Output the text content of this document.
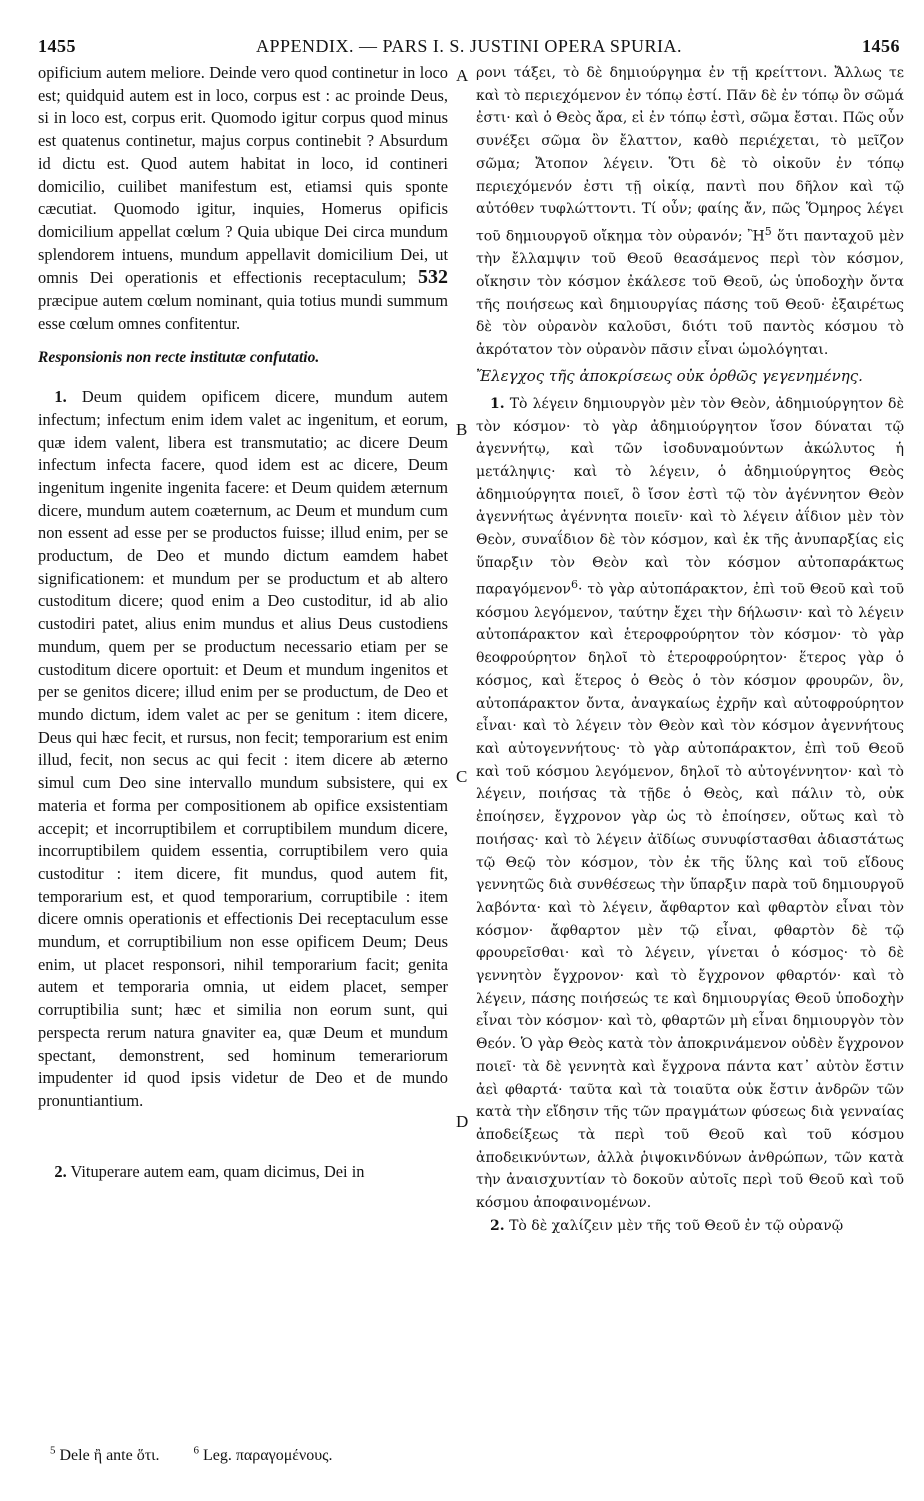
1455	APPENDIX. — PARS I. S. JUSTINI OPERA SPURIA.	1456

opificium autem meliore. Deinde vero quod continetur in loco est; quidquid autem est in loco, corpus est : ac proinde Deus, si in loco est, corpus erit. Quomodo igitur corpus quod minus est quatenus continetur, majus corpus continebit ? Absurdum id dictu est. Quod autem habitat in loco, id contineri domicilio, cuilibet manifestum est, etiamsi quis sponte cæcutiat. Quomodo igitur, inquies, Homerus opificis domicilium appellat cœlum ? Quia ubique Dei circa mundum splendorem intuens, mundum appellavit domicilium Dei, ut omnis Dei operationis et effectionis receptaculum; 532 præcipue autem cœlum nominant, quia totius mundi summum esse cœlum omnes confitentur.

Responsionis non recte institutæ confutatio.

 1. Deum quidem opificem dicere, mundum autem infectum; infectum enim idem valet ac ingenitum, et eorum, quæ idem valent, libera est transmutatio; ac dicere Deum infectum infecta facere, quod idem est ac dicere, Deum ingenitum ingenite ingenita facere: et Deum quidem æternum dicere, mundum autem coæternum, ac Deum et mundum cum non essent ad esse per se productos fuisse; illud enim, per se productum, de Deo et mundo dictum eamdem habet significationem: et mundum per se productum et ab altero custoditum dicere; quod enim a Deo custoditur, id ab alio custodiri patet, alius enim mundus et alius Deus custodiens mundum, quem per se productum necessario etiam per se custoditum dicere oportuit: et Deum et mundum ingenitos et per se genitos dicere; illud enim per se productum, de Deo et mundo dictum, idem valet ac per se genitum : item dicere, Deus qui hæc fecit, et rursus, non fecit; temporarium est enim illud, fecit, non secus ac qui fecit : item dicere ab æterno simul cum Deo sine intervallo mundum subsistere, qui ex materia et forma per compositionem ab opifice exsistentiam accepit; et incorruptibilem et corruptibilem mundum dicere, incorruptibilem quidem essentia, corruptibilem vero quia custoditur : item dicere, fit mundus, quod autem fit, temporarium est, et quod temporarium, corruptibile : item dicere omnis operationis et effectionis Dei receptaculum esse mundum, et corruptibilium non esse opificem Deum; Deus enim, ut placet responsori, nihil temporarium facit; genita autem et temporaria omnia, ut eidem placet, semper corruptibilia sunt; hæc et similia non eorum sunt, qui perspecta rerum natura gnaviter ea, quæ Deum et mundum spectant, demonstrent, sed hominum temerariorum impudenter id quod ipsis videtur de Deo et de mundo pronuntiantium.

 2. Vituperare autem eam, quam dicimus, Dei in

A
B
C
D

ρονι τάξει, τὸ δὲ δημιούργημα ἐν τῇ κρείττονι. Ἄλλως τε καὶ τὸ περιεχόμενον ἐν τόπῳ ἐστί. Πᾶν δὲ ἐν τόπῳ ὂν σῶμά ἐστι· καὶ ὁ Θεὸς ἄρα, εἰ ἐν τόπῳ ἐστὶ, σῶμα ἔσται. Πῶς οὖν συνέξει σῶμα ὂν ἔλαττον, καθὸ περιέχεται, τὸ μεῖζον σῶμα; Ἄτοπον λέγειν. Ὅτι δὲ τὸ οἰκοῦν ἐν τόπῳ περιεχόμενόν ἐστι τῇ οἰκίᾳ, παντὶ που δῆλον καὶ τῷ αὐτόθεν τυφλώττοντι. Τί οὖν; φαίης ἄν, πῶς Ὅμηρος λέγει τοῦ δημιουργοῦ οἴκημα τὸν οὐρανόν; Ἢ$^5$ ὅτι πανταχοῦ μὲν τὴν ἔλλαμψιν τοῦ Θεοῦ θεασάμενος περὶ τὸν κόσμον, οἴκησιν τὸν κόσμον ἐκάλεσε τοῦ Θεοῦ, ὡς ὑποδοχὴν ὄντα τῆς ποιήσεως καὶ δημιουργίας πάσης τοῦ Θεοῦ· ἐξαιρέτως δὲ τὸν οὐρανὸν καλοῦσι, διότι τοῦ παντὸς κόσμου τὸ ἀκρότατον τὸν οὐρανὸν πᾶσιν εἶναι ὡμολόγηται.

Ἔλεγχος τῆς ἀποκρίσεως οὐκ ὀρθῶς γεγενημένης.

 1. Τὸ λέγειν δημιουργὸν μὲν τὸν Θεὸν, ἀδημιούργητον δὲ τὸν κόσμον· τὸ γὰρ ἀδημιούργητον ἴσον δύναται τῷ ἀγεννήτῳ, καὶ τῶν ἰσοδυναμούντων ἀκώλυτος ἡ μετάληψις· καὶ τὸ λέγειν, ὁ ἀδημιούργητος Θεὸς ἀδημιούργητα ποιεῖ, ὃ ἴσον ἐστὶ τῷ τὸν ἀγέννητον Θεὸν ἀγεννήτως ἀγέννητα ποιεῖν· καὶ τὸ λέγειν ἀΐδιον μὲν τὸν Θεὸν, συναΐδιον δὲ τὸν κόσμον, καὶ ἐκ τῆς ἀνυπαρξίας εἰς ὕπαρξιν τὸν Θεὸν καὶ τὸν κόσμον αὐτοπαράκτως παραγόμενον$^6$· τὸ γὰρ αὐτοπάρακτον, ἐπὶ τοῦ Θεοῦ καὶ τοῦ κόσμου λεγόμενον, ταύτην ἔχει τὴν δήλωσιν· καὶ τὸ λέγειν αὐτοπάρακτον καὶ ἑτεροφρούρητον τὸν κόσμον· τὸ γὰρ θεοφρούρητον δηλοῖ τὸ ἑτεροφρούρητον· ἕτερος γὰρ ὁ κόσμος, καὶ ἕτερος ὁ Θεὸς ὁ τὸν κόσμον φρουρῶν, ὃν, αὐτοπάρακτον ὄντα, ἀναγκαίως ἐχρῆν καὶ αὐτοφρούρητον εἶναι· καὶ τὸ λέγειν τὸν Θεὸν καὶ τὸν κόσμον ἀγεννήτους καὶ αὐτογεννήτους· τὸ γὰρ αὐτοπάρακτον, ἐπὶ τοῦ Θεοῦ καὶ τοῦ κόσμου λεγόμενον, δηλοῖ τὸ αὐτογέννητον· καὶ τὸ λέγειν, ποιήσας τὰ τῇδε ὁ Θεὸς, καὶ πάλιν τὸ, οὐκ ἐποίησεν, ἔγχρονον γὰρ ὡς τὸ ἐποίησεν, οὕτως καὶ τὸ ποιήσας· καὶ τὸ λέγειν ἀϊδίως συνυφίστασθαι ἀδιαστάτως τῷ Θεῷ τὸν κόσμον, τὸν ἐκ τῆς ὕλης καὶ τοῦ εἴδους γεννητῶς διὰ συνθέσεως τὴν ὕπαρξιν παρὰ τοῦ δημιουργοῦ λαβόντα· καὶ τὸ λέγειν, ἄφθαρτον καὶ φθαρτὸν εἶναι τὸν κόσμον· ἄφθαρτον μὲν τῷ εἶναι, φθαρτὸν δὲ τῷ φρουρεῖσθαι· καὶ τὸ λέγειν, γίνεται ὁ κόσμος· τὸ δὲ γεννητὸν ἔγχρονον· καὶ τὸ ἔγχρονον φθαρτόν· καὶ τὸ λέγειν, πάσης ποιήσεώς τε καὶ δημιουργίας Θεοῦ ὑποδοχὴν εἶναι τὸν κόσμον· καὶ τὸ, φθαρτῶν μὴ εἶναι δημιουργὸν τὸν Θεόν. Ὁ γὰρ Θεὸς κατὰ τὸν ἀποκρινάμενον οὐδὲν ἔγχρονον ποιεῖ· τὰ δὲ γεννητὰ καὶ ἔγχρονα πάντα κατ᾽ αὐτὸν ἔστιν ἀεὶ φθαρτά· ταῦτα καὶ τὰ τοιαῦτα οὐκ ἔστιν ἀνδρῶν τῶν κατὰ τὴν εἴδησιν τῆς τῶν πραγμάτων φύσεως διὰ γενναίας ἀποδείξεως τὰ περὶ τοῦ Θεοῦ καὶ τοῦ κόσμου ἀποδεικνύντων, ἀλλὰ ῥιψοκινδύνων ἀνθρώπων, τῶν κατὰ τὴν ἀναισχυντίαν τὸ δοκοῦν αὐτοῖς περὶ τοῦ Θεοῦ καὶ τοῦ κόσμου ἀποφαινομένων.

 2. Τὸ δὲ χαλίζειν μὲν τῆς τοῦ Θεοῦ ἐν τῷ οὐρανῷ

$^5$ Dele ἢ ante ὅτι.	$^6$ Leg. παραγομένους.
